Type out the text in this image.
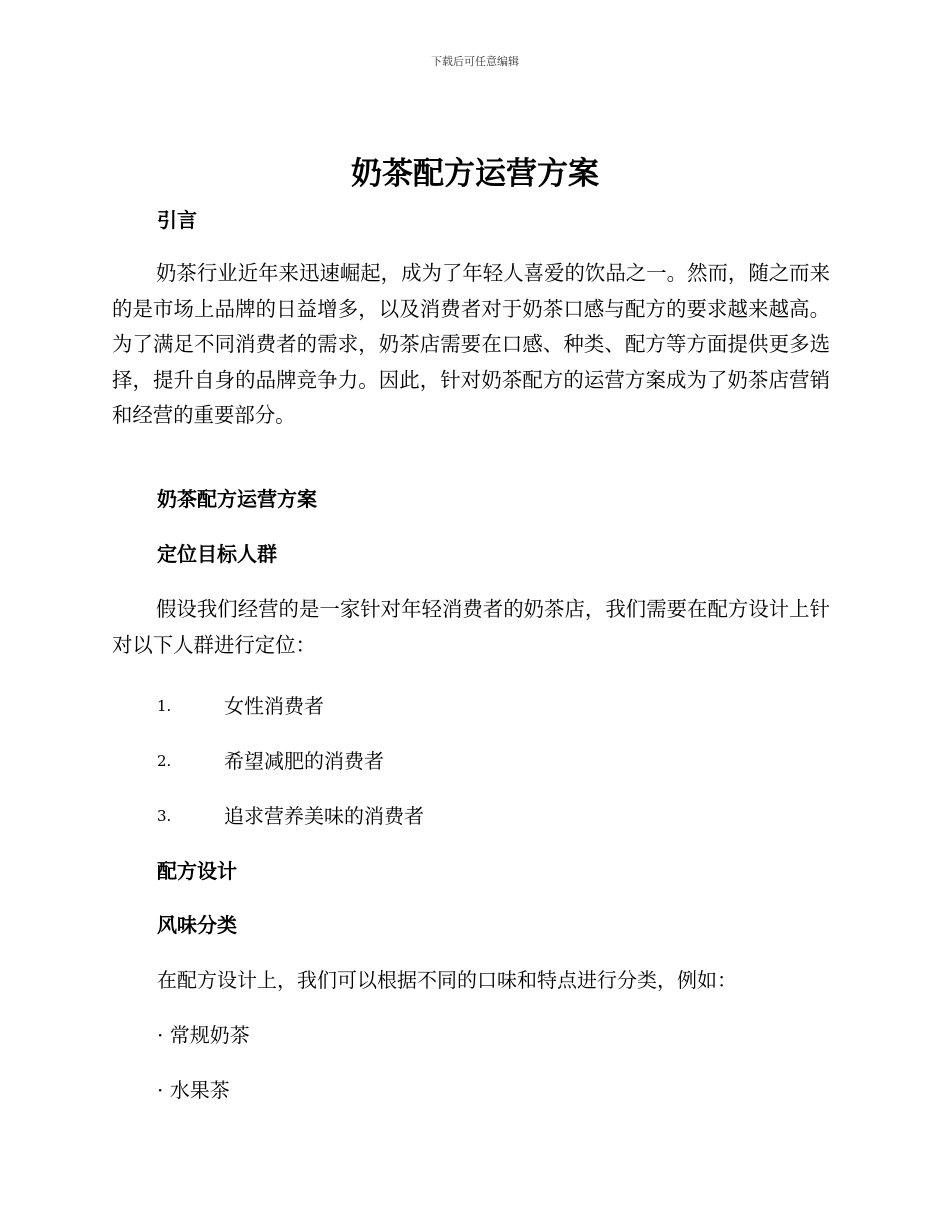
下载后可任意编辑
奶茶配方运营方案
引言

奶茶行业近年来迅速崛起，成为了年轻人喜爱的饮品之一。然而，随之而来的是市场上品牌的日益增多，以及消费者对于奶茶口感与配方的要求越来越高。为了满足不同消费者的需求，奶茶店需要在口感、种类、配方等方面提供更多选择，提升自身的品牌竞争力。因此，针对奶茶配方的运营方案成为了奶茶店营销和经营的重要部分。

奶茶配方运营方案
定位目标人群

假设我们经营的是一家针对年轻消费者的奶茶店，我们需要在配方设计上针对以下人群进行定位：

1.	女性消费者
2.	希望减肥的消费者
3.	追求营养美味的消费者
配方设计
风味分类
在配方设计上，我们可以根据不同的口味和特点进行分类，例如：
· 常规奶茶
· 水果茶
